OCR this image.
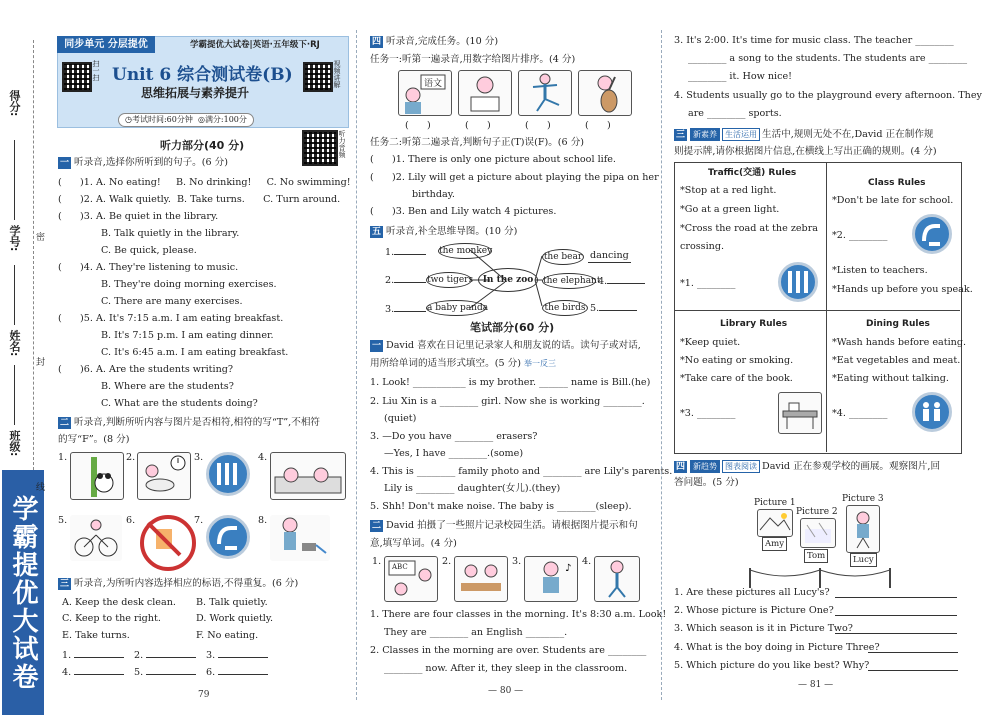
学霸提优大试卷
得分:
学号:
姓名:
班级:
密
封
线
同步单元 分层提优	学霸提优大试卷|英语·五年级下·RJ
扫一扫 Unit 6 综合测试卷(B)
思维拓展与素养提升
视频讲解
◷考试时间:60分钟 ◎满分:100分
听力音频
听力部分(40 分)
一 听录音,选择你所听到的句子。(6 分)
(      )1. A. No eating!     B. No drinking!     C. No swimming!
(      )2. A. Walk quietly.  B. Take turns.      C. Turn around.
(      )3. A. Be quiet in the library.
B. Talk quietly in the library.
C. Be quick, please.
(      )4. A. They're listening to music.
B. They're doing morning exercises.
C. There are many exercises.
(      )5. A. It's 7:15 a.m. I am eating breakfast.
B. It's 7:15 p.m. I am eating dinner.
C. It's 6:45 a.m. I am eating breakfast.
(      )6. A. Are the students writing?
B. Where are the students?
C. What are the students doing?
二 听录音,判断所听内容与图片是否相符,相符的写“T”,不相符
的写“F”。(8 分)
1.	2.	3.	4.
5.	6.	7.	8.
三 听录音,为所听内容选择相应的标语,不得重复。(6 分)
A. Keep the desk clean. B. Talk quietly.
C. Keep to the right.	D. Work quietly.
E. Take turns.	F. No eating.
1.	2.	3.
4.	5.	6.
79
四 听录音,完成任务。(10 分)
任务一:听第一遍录音,用数字给图片排序。(4 分)
语文
(      )	(      )	(      )	(      )
任务二:听第二遍录音,判断句子正(T)误(F)。(6 分)
(      )1. There is only one picture about school life.
(      )2. Lily will get a picture about playing the pipa on her
birthday.
(      )3. Ben and Lily watch 4 pictures.
五 听录音,补全思维导图。(10 分)
1.	the monkey
2.	two tigers	In the zoo
3.	a baby panda
the bear dancing
the elephant
4.
the birds 5.
笔试部分(60 分)
一 David 喜欢在日记里记录家人和朋友说的话。读句子或对话,
用所给单词的适当形式填空。(5 分) 举一反三
1. Look! ___________ is my brother. ______ name is Bill.(he)
2. Liu Xin is a ________ girl. Now she is working ________.
(quiet)
3. —Do you have ________ erasers?
—Yes, I have ________.(some)
4. This is ________ family photo and ________ are Lily's parents.
Lily is ________ daughter(女儿).(they)
5. Shh! Don't make noise. The baby is ________(sleep).
二 David 拍摄了一些照片记录校园生活。请根据图片提示和句
意,填写单词。(4 分)
1. ABC	2.	3.
♪
4.
1. There are four classes in the morning. It's 8:30 a.m. Look!
They are ________ an English ________.
2. Classes in the morning are over. Students are ________
________ now. After it, they sleep in the classroom.
— 80 —
3. It's 2:00. It's time for music class. The teacher ________
________ a song to the students. The students are ________
________ it. How nice!
4. Students usually go to the playground every afternoon. They
are ________ sports.
三 新素养 生活运用 生活中,规则无处不在,David 正在制作规
则提示牌,请你根据图片信息,在横线上写出正确的规则。(4 分)
Traffic(交通) Rules
*Stop at a red light.
*Go at a green light.
*Cross the road at the zebra
crossing.
*1. ________
Class Rules
*Don't be late for school.
*2. ________
*Listen to teachers.
*Hands up before you speak.
Library Rules
*Keep quiet.
*No eating or smoking.
*Take care of the book.
*3. ________
Dining Rules
*Wash hands before eating.
*Eat vegetables and meat.
*Eating without talking.
*4. ________
四 新趋势 图表阅读 David 正在参观学校的画展。观察图片,回
答问题。(5 分)
Picture 1
Amy
Picture 2
Tom
Picture 3
Lucy
1. Are these pictures all Lucy's?
2. Whose picture is Picture One?
3. Which season is it in Picture Two?
4. What is the boy doing in Picture Three?
5. Which picture do you like best? Why?
— 81 —
